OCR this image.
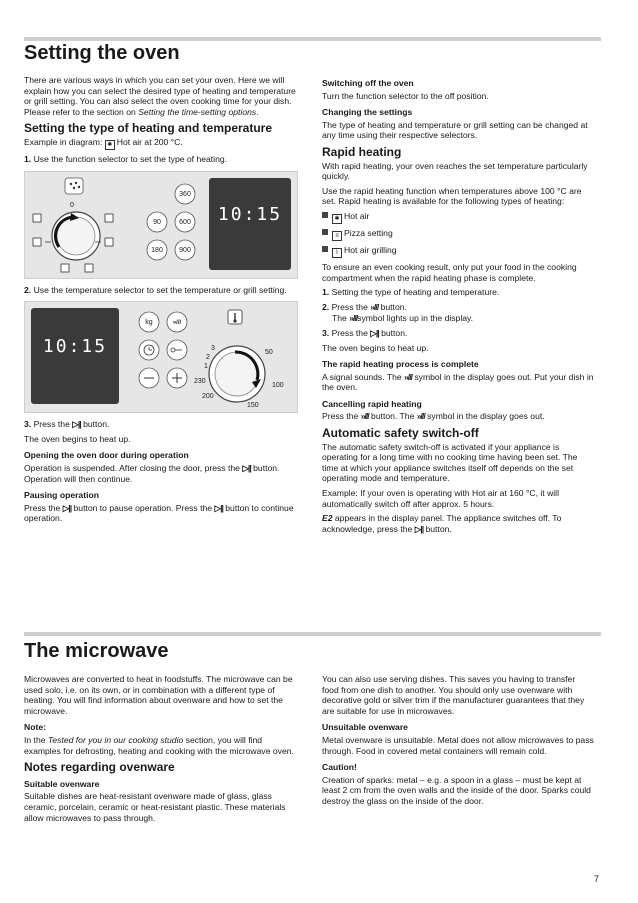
Setting the oven

There are various ways in which you can set your oven. Here we will explain how you can select the desired type of heating and temperature or grill setting. You can also select the oven cooking time for your dish. Please refer to the section on Setting the time-setting options.

Setting the type of heating and temperature

Example in diagram: ✱ Hot air at 200 °C.

1. Use the function selector to set the type of heating.

0
360
90	600
180	900
10:15

2. Use the temperature selector to set the temperature or grill setting.

10:15
kg	»///
3
2
1
230
200
150
100
50

3. Press the ▷|| button.

The oven begins to heat up.

Opening the oven door during operation

Operation is suspended. After closing the door, press the ▷|| button. Operation will then continue.

Pausing operation

Press the ▷|| button to pause operation. Press the ▷|| button to continue operation.

Switching off the oven

Turn the function selector to the off position.

Changing the settings

The type of heating and temperature or grill setting can be changed at any time using their respective selectors.

Rapid heating

With rapid heating, your oven reaches the set temperature particularly quickly.

Use the rapid heating function when temperatures above 100 °C are set. Rapid heating is available for the following types of heating:

✱ Hot air

≡ Pizza setting

⌇ Hot air grilling

To ensure an even cooking result, only put your food in the cooking compartment when the rapid heating phase is complete.

1. Setting the type of heating and temperature.

2. Press the »/// button.

The »///symbol lights up in the display.

3. Press the ▷|| button.

The oven begins to heat up.

The rapid heating process is complete

A signal sounds. The »/// symbol in the display goes out. Put your dish in the oven.

Cancelling rapid heating

Press the »/// button. The »/// symbol in the display goes out.

Automatic safety switch-off

The automatic safety switch-off is activated if your appliance is operating for a long time with no cooking time having been set. The time at which your appliance switches itself off depends on the set operating mode and temperature.

Example: If your oven is operating with Hot air at 160 °C, it will automatically switch off after approx. 5 hours.

E2 appears in the display panel. The appliance switches off. To acknowledge, press the ▷|| button.

The microwave

Microwaves are converted to heat in foodstuffs. The microwave can be used solo, i.e. on its own, or in combination with a different type of heating. You will find information about ovenware and how to set the microwave.

Note:

In the Tested for you in our cooking studio section, you will find examples for defrosting, heating and cooking with the microwave oven.

Notes regarding ovenware
Suitable ovenware

Suitable dishes are heat-resistant ovenware made of glass, glass ceramic, porcelain, ceramic or heat-resistant plastic. These materials allow microwaves to pass through.

You can also use serving dishes. This saves you having to transfer food from one dish to another. You should only use ovenware with decorative gold or silver trim if the manufacturer guarantees that they are suitable for use in microwaves.

Unsuitable ovenware

Metal ovenware is unsuitable. Metal does not allow microwaves to pass through. Food in covered metal containers will remain cold.

Caution!

Creation of sparks: metal – e.g. a spoon in a glass – must be kept at least 2 cm from the oven walls and the inside of the door. Sparks could destroy the glass on the inside of the door.

7
